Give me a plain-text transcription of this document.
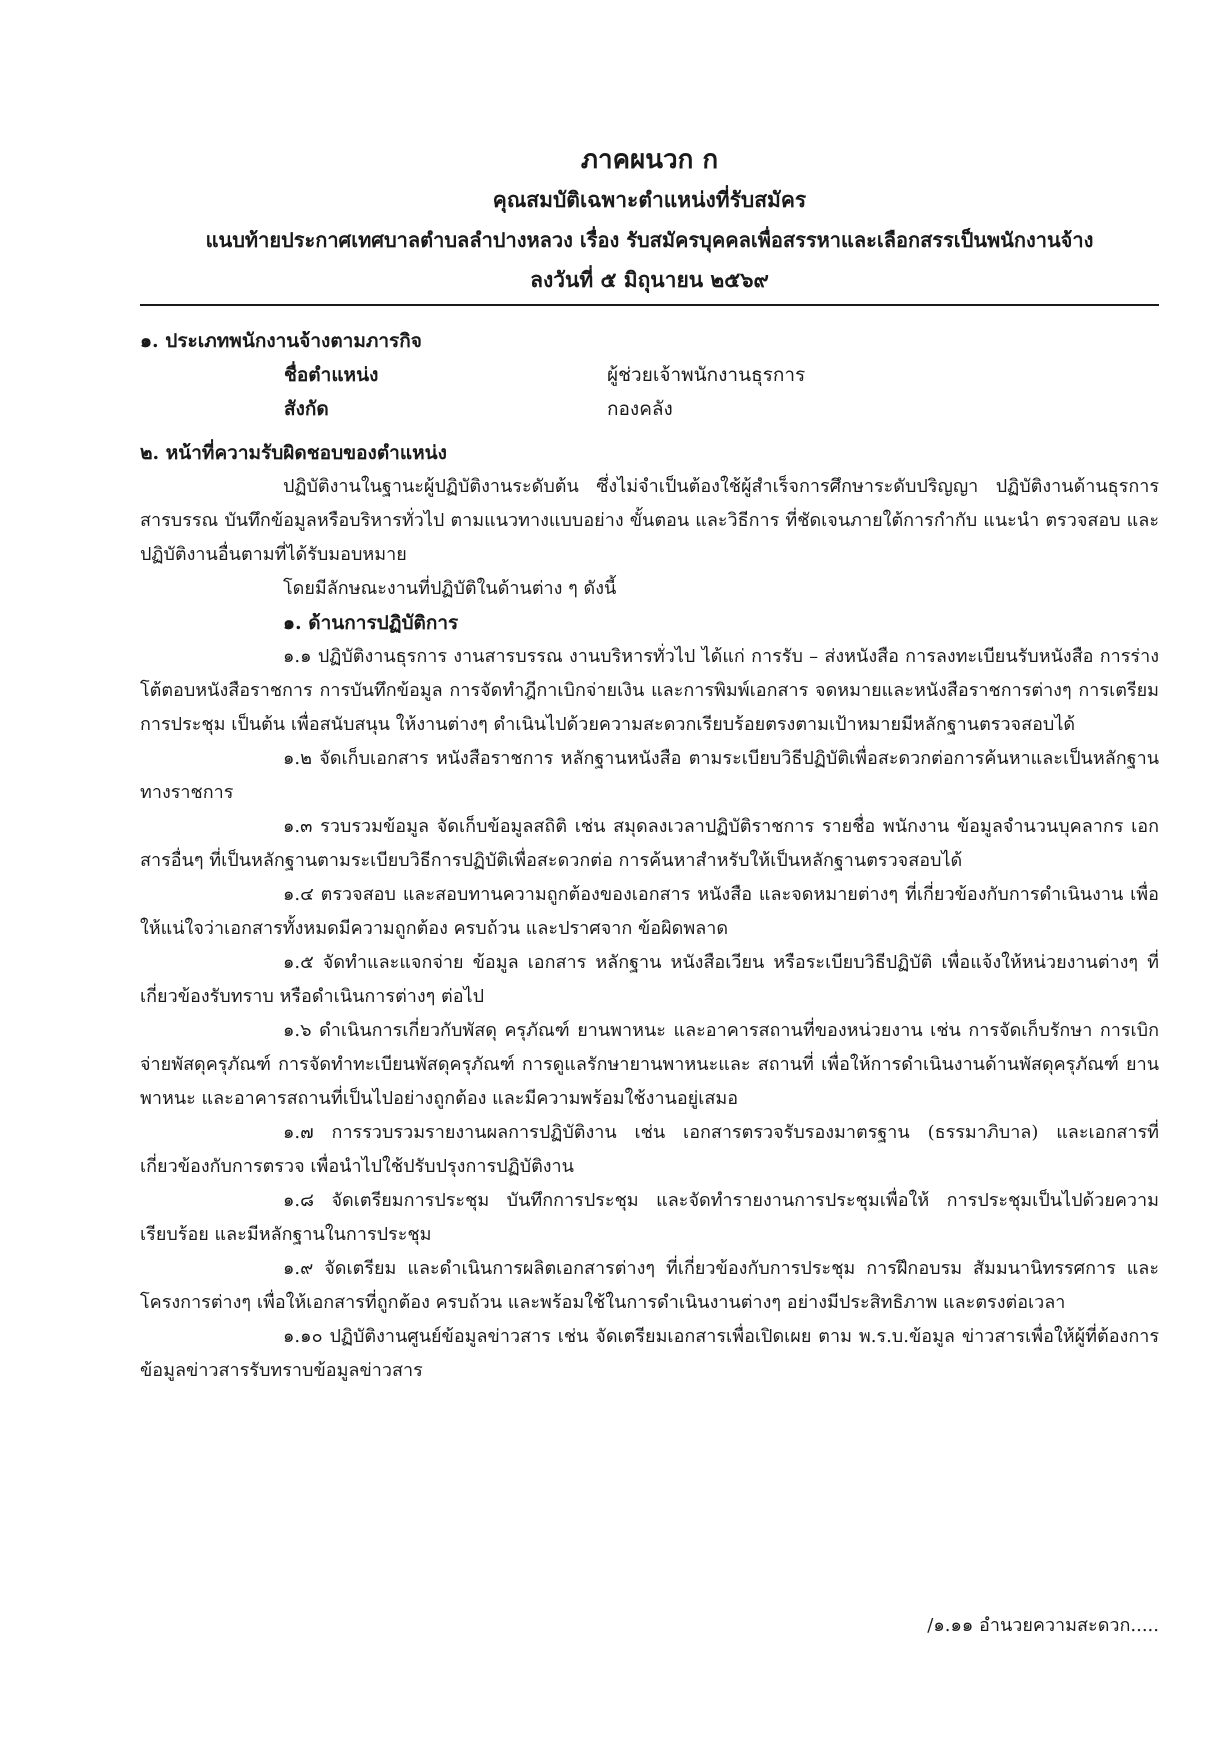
ภาคผนวก ก
คุณสมบัติเฉพาะตำแหน่งที่รับสมัคร
แนบท้ายประกาศเทศบาลตำบลลำปางหลวง เรื่อง รับสมัครบุคคลเพื่อสรรหาและเลือกสรรเป็นพนักงานจ้าง
ลงวันที่ ๕ มิถุนายน ๒๕๖๙
๑. ประเภทพนักงานจ้างตามภารกิจ
ชื่อตำแหน่ง	ผู้ช่วยเจ้าพนักงานธุรการ
สังกัด	กองคลัง
๒. หน้าที่ความรับผิดชอบของตำแหน่ง

ปฏิบัติงานในฐานะผู้ปฏิบัติงานระดับต้น ซึ่งไม่จำเป็นต้องใช้ผู้สำเร็จการศึกษาระดับปริญญา ปฏิบัติงานด้านธุรการ สารบรรณ บันทึกข้อมูลหรือบริหารทั่วไป ตามแนวทางแบบอย่าง ขั้นตอน และวิธีการ ที่ชัดเจนภายใต้การกำกับ แนะนำ ตรวจสอบ และปฏิบัติงานอื่นตามที่ได้รับมอบหมาย

โดยมีลักษณะงานที่ปฏิบัติในด้านต่าง ๆ ดังนี้

๑. ด้านการปฏิบัติการ

๑.๑ ปฏิบัติงานธุรการ งานสารบรรณ งานบริหารทั่วไป ได้แก่ การรับ – ส่งหนังสือ การลงทะเบียนรับหนังสือ การร่างโต้ตอบหนังสือราชการ การบันทึกข้อมูล การจัดทำฎีกาเบิกจ่ายเงิน และการพิมพ์เอกสาร จดหมายและหนังสือราชการต่างๆ การเตรียมการประชุม เป็นต้น เพื่อสนับสนุน ให้งานต่างๆ ดำเนินไปด้วยความสะดวกเรียบร้อยตรงตามเป้าหมายมีหลักฐานตรวจสอบได้

๑.๒ จัดเก็บเอกสาร หนังสือราชการ หลักฐานหนังสือ ตามระเบียบวิธีปฏิบัติเพื่อสะดวกต่อการค้นหาและเป็นหลักฐานทางราชการ

๑.๓ รวบรวมข้อมูล จัดเก็บข้อมูลสถิติ เช่น สมุดลงเวลาปฏิบัติราชการ รายชื่อ พนักงาน ข้อมูลจำนวนบุคลากร เอกสารอื่นๆ ที่เป็นหลักฐานตามระเบียบวิธีการปฏิบัติเพื่อสะดวกต่อ การค้นหาสำหรับให้เป็นหลักฐานตรวจสอบได้

๑.๔ ตรวจสอบ และสอบทานความถูกต้องของเอกสาร หนังสือ และจดหมายต่างๆ ที่เกี่ยวข้องกับการดำเนินงาน เพื่อให้แน่ใจว่าเอกสารทั้งหมดมีความถูกต้อง ครบถ้วน และปราศจาก ข้อผิดพลาด

๑.๕ จัดทำและแจกจ่าย ข้อมูล เอกสาร หลักฐาน หนังสือเวียน หรือระเบียบวิธีปฏิบัติ เพื่อแจ้งให้หน่วยงานต่างๆ ที่เกี่ยวข้องรับทราบ หรือดำเนินการต่างๆ ต่อไป

๑.๖ ดำเนินการเกี่ยวกับพัสดุ ครุภัณฑ์ ยานพาหนะ และอาคารสถานที่ของหน่วยงาน เช่น การจัดเก็บรักษา การเบิกจ่ายพัสดุครุภัณฑ์ การจัดทำทะเบียนพัสดุครุภัณฑ์ การดูแลรักษายานพาหนะและ สถานที่ เพื่อให้การดำเนินงานด้านพัสดุครุภัณฑ์ ยานพาหนะ และอาคารสถานที่เป็นไปอย่างถูกต้อง และมีความพร้อมใช้งานอยู่เสมอ

๑.๗ การรวบรวมรายงานผลการปฏิบัติงาน เช่น เอกสารตรวจรับรองมาตรฐาน (ธรรมาภิบาล) และเอกสารที่เกี่ยวข้องกับการตรวจ เพื่อนำไปใช้ปรับปรุงการปฏิบัติงาน

๑.๘ จัดเตรียมการประชุม บันทึกการประชุม และจัดทำรายงานการประชุมเพื่อให้ การประชุมเป็นไปด้วยความเรียบร้อย และมีหลักฐานในการประชุม

๑.๙ จัดเตรียม และดำเนินการผลิตเอกสารต่างๆ ที่เกี่ยวข้องกับการประชุม การฝึกอบรม สัมมนานิทรรศการ และโครงการต่างๆ เพื่อให้เอกสารที่ถูกต้อง ครบถ้วน และพร้อมใช้ในการดำเนินงานต่างๆ อย่างมีประสิทธิภาพ และตรงต่อเวลา

๑.๑๐ ปฏิบัติงานศูนย์ข้อมูลข่าวสาร เช่น จัดเตรียมเอกสารเพื่อเปิดเผย ตาม พ.ร.บ.ข้อมูล ข่าวสารเพื่อให้ผู้ที่ต้องการข้อมูลข่าวสารรับทราบข้อมูลข่าวสาร

/๑.๑๑ อำนวยความสะดวก.....
